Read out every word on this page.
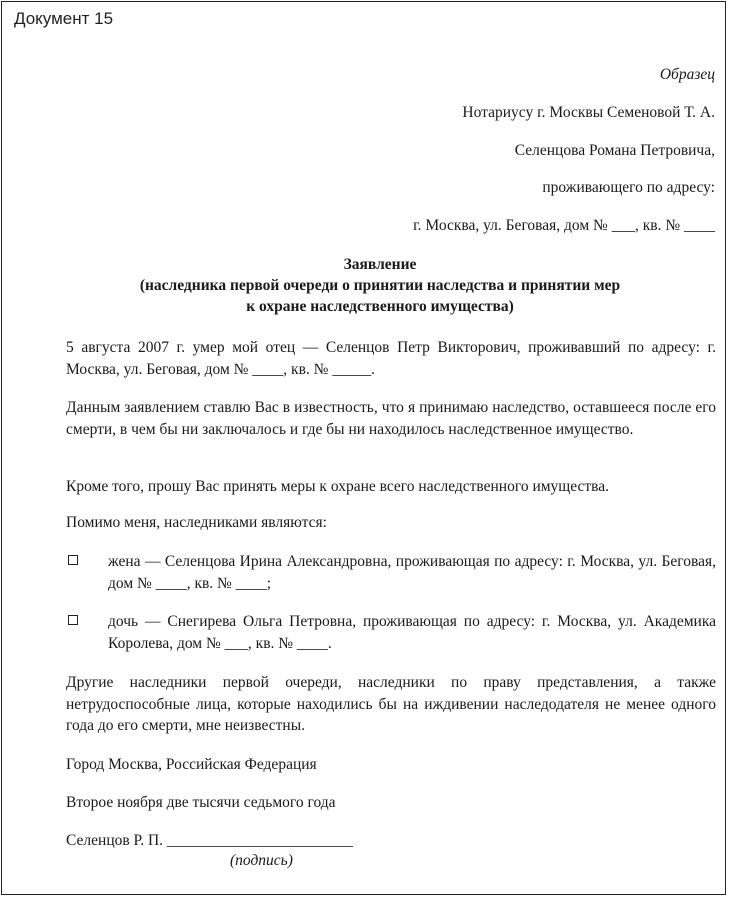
Документ 15
Образец
Нотариусу г. Москвы Семеновой Т. А.
Селенцова Романа Петровича,
проживающего по адресу:
г. Москва, ул. Беговая, дом № ___, кв. № ____
Заявление
(наследника первой очереди о принятии наследства и принятии мер
к охране наследственного имущества)
5 августа 2007 г. умер мой отец — Селенцов Петр Викторович, проживавший по адресу: г. Москва, ул. Беговая, дом № ____, кв. № _____.
Данным заявлением ставлю Вас в известность, что я принимаю наследство, оставшееся после его смерти, в чем бы ни заключалось и где бы ни находилось наследственное имущество.
Кроме того, прошу Вас принять меры к охране всего наследственного имущества.
Помимо меня, наследниками являются:
жена — Селенцова Ирина Александровна, проживающая по адресу: г. Москва, ул. Беговая, дом № ____, кв. № ____;
дочь — Снегирева Ольга Петровна, проживающая по адресу: г. Москва, ул. Академика Королева, дом № ___, кв. № ____.
Другие наследники первой очереди, наследники по праву представления, а также нетрудоспособные лица, которые находились бы на иждивении наследодателя не менее одного года до его смерти, мне неизвестны.
Город Москва, Российская Федерация
Второе ноября две тысячи седьмого года
Селенцов Р. П. ________________________
(подпись)
